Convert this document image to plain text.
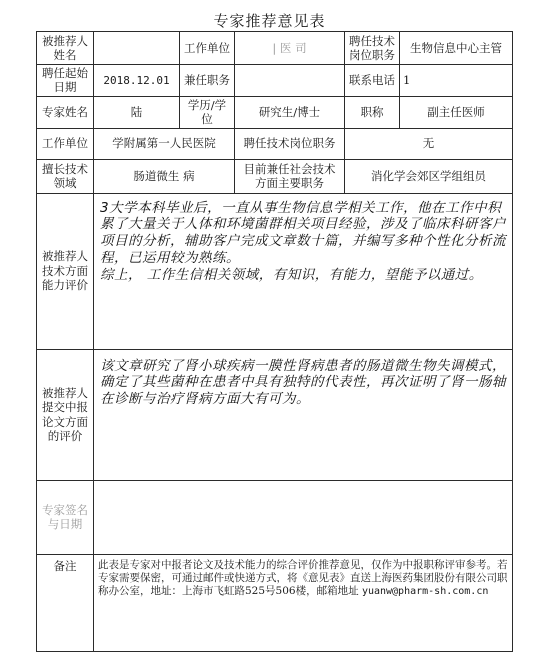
专家推荐意见表
被推荐人姓名		工作单位	| 医 司	聘任技术岗位职务	生物信息中心主管
聘任起始日期	2018.12.01	兼任职务		联系电话	1
专家姓名	陆	学历/学位	研究生/博士	职称	副主任医师
工作单位	学附属第一人民医院		聘任技术岗位职务	无	
擅长技术领域	肠道微生 病		目前兼任社会技术方面主要职务	消化学会郊区学组组员	
被推荐人技术方面能力评价	3大学本科毕业后，一直从事生物信息学相关工作，他在工作中积累了大量关于人体和环境菌群相关项目经验，涉及了临床科研客户项目的分析，辅助客户完成文章数十篇，并编写多种个性化分析流程，已运用较为熟练。

综上， 工作生信相关领域，有知识，有能力，望能予以通过。				

被推荐人提交中报论文方面的评价	该文章研究了肾小球疾病一膜性肾病患者的肠道微生物失调模式，确定了其些菌种在患者中具有独特的代表性，再次证明了肾一肠轴在诊断与治疗肾病方面大有可为。				
专家签名与日期					
备注	此表是专家对中报者论文及技术能力的综合评价推荐意见，仅作为中报职称评审参考。若专家需要保密，可通过邮件或快递方式，将《意见表》直送上海医药集团股份有限公司职称办公室，地址：上海市飞虹路525号506楼，邮箱地址 yuanw@pharm-sh.com.cn				
